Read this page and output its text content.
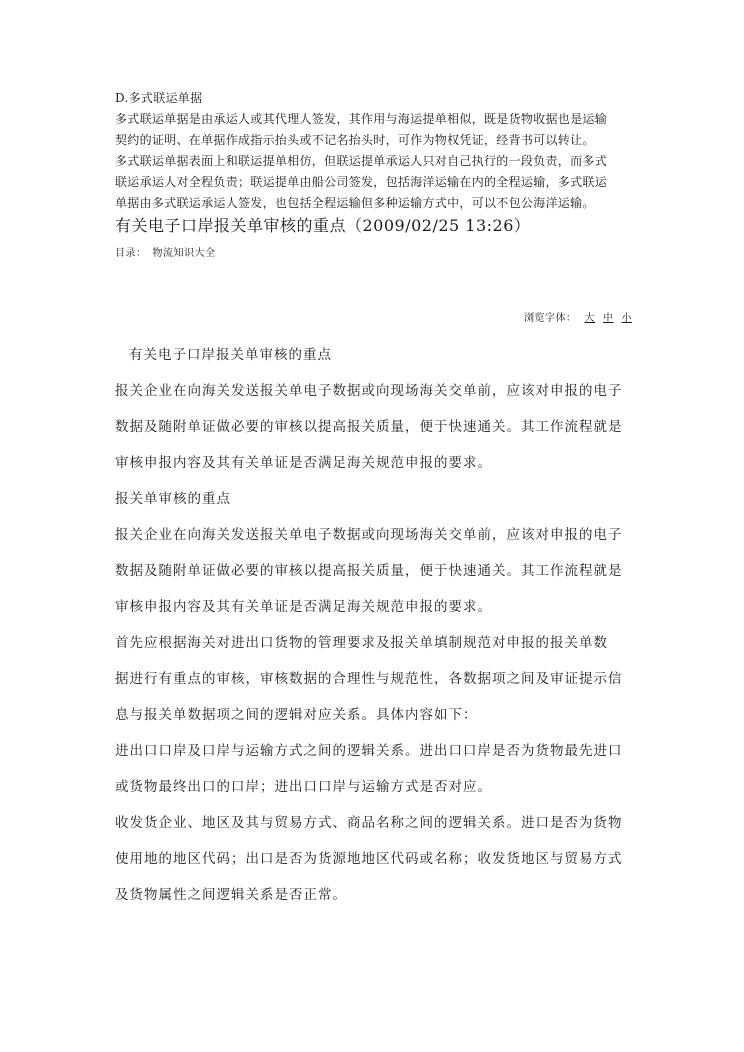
D.多式联运单据

多式联运单据是由承运人或其代理人签发，其作用与海运提单相似，既是货物收据也是运输

契约的证明、在单据作成指示抬头或不记名抬头时，可作为物权凭证，经背书可以转让。

多式联运单据表面上和联运提单相仿，但联运提单承运人只对自己执行的一段负责，而多式

联运承运人对全程负责；联运提单由船公司签发，包括海洋运输在内的全程运输，多式联运

单据由多式联运承运人签发，也包括全程运输但多种运输方式中，可以不包公海洋运输。

有关电子口岸报关单审核的重点（2009/02/25 13:26）
目录： 物流知识大全
浏览字体： 大 中 小

有关电子口岸报关单审核的重点

报关企业在向海关发送报关单电子数据或向现场海关交单前，应该对申报的电子

数据及随附单证做必要的审核以提高报关质量，便于快速通关。其工作流程就是

审核申报内容及其有关单证是否满足海关规范申报的要求。

报关单审核的重点

报关企业在向海关发送报关单电子数据或向现场海关交单前，应该对申报的电子

数据及随附单证做必要的审核以提高报关质量，便于快速通关。其工作流程就是

审核申报内容及其有关单证是否满足海关规范申报的要求。

首先应根据海关对进出口货物的管理要求及报关单填制规范对申报的报关单数

据进行有重点的审核，审核数据的合理性与规范性，各数据项之间及审证提示信

息与报关单数据项之间的逻辑对应关系。具体内容如下：

进出口口岸及口岸与运输方式之间的逻辑关系。进出口口岸是否为货物最先进口

或货物最终出口的口岸；进出口口岸与运输方式是否对应。

收发货企业、地区及其与贸易方式、商品名称之间的逻辑关系。进口是否为货物

使用地的地区代码；出口是否为货源地地区代码或名称；收发货地区与贸易方式

及货物属性之间逻辑关系是否正常。
